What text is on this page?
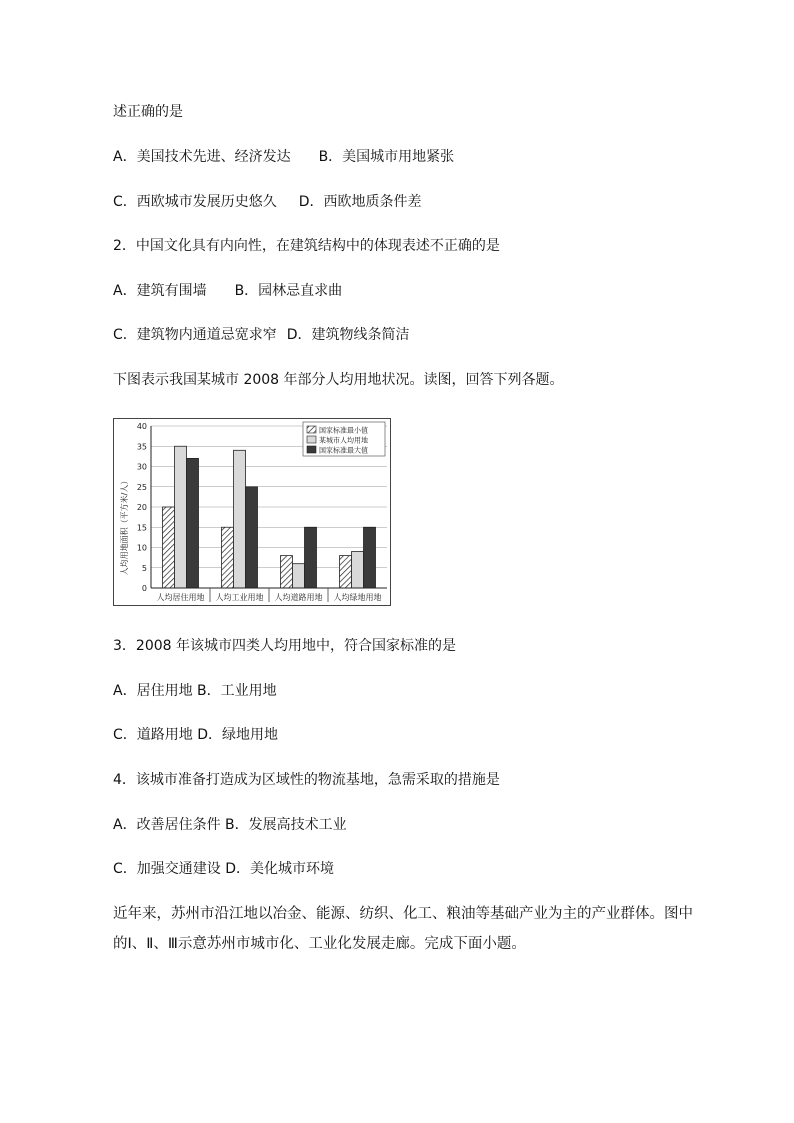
述正确的是
A．美国技术先进、经济发达 B．美国城市用地紧张
C．西欧城市发展历史悠久 D．西欧地质条件差
2．中国文化具有内向性，在建筑结构中的体现表述不正确的是
A．建筑有围墙 B．园林忌直求曲
C．建筑物内通道忌宽求窄 D．建筑物线条简洁
下图表示我国某城市 2008 年部分人均用地状况。读图，回答下列各题。
0
5
10
15
20
25
30
35
40
人均居住用地 人均工业用地 人均道路用地 人均绿地用地
人均用地面积（平方米/人）
国家标准最小值
某城市人均用地
国家标准最大值
3．2008 年该城市四类人均用地中，符合国家标准的是
A．居住用地 B．工业用地
C．道路用地 D．绿地用地
4．该城市准备打造成为区域性的物流基地，急需采取的措施是
A．改善居住条件 B．发展高技术工业
C．加强交通建设 D．美化城市环境
近年来，苏州市沿江地以冶金、能源、纺织、化工、粮油等基础产业为主的产业群体。图中
的Ⅰ、Ⅱ、Ⅲ示意苏州市城市化、工业化发展走廊。完成下面小题。
